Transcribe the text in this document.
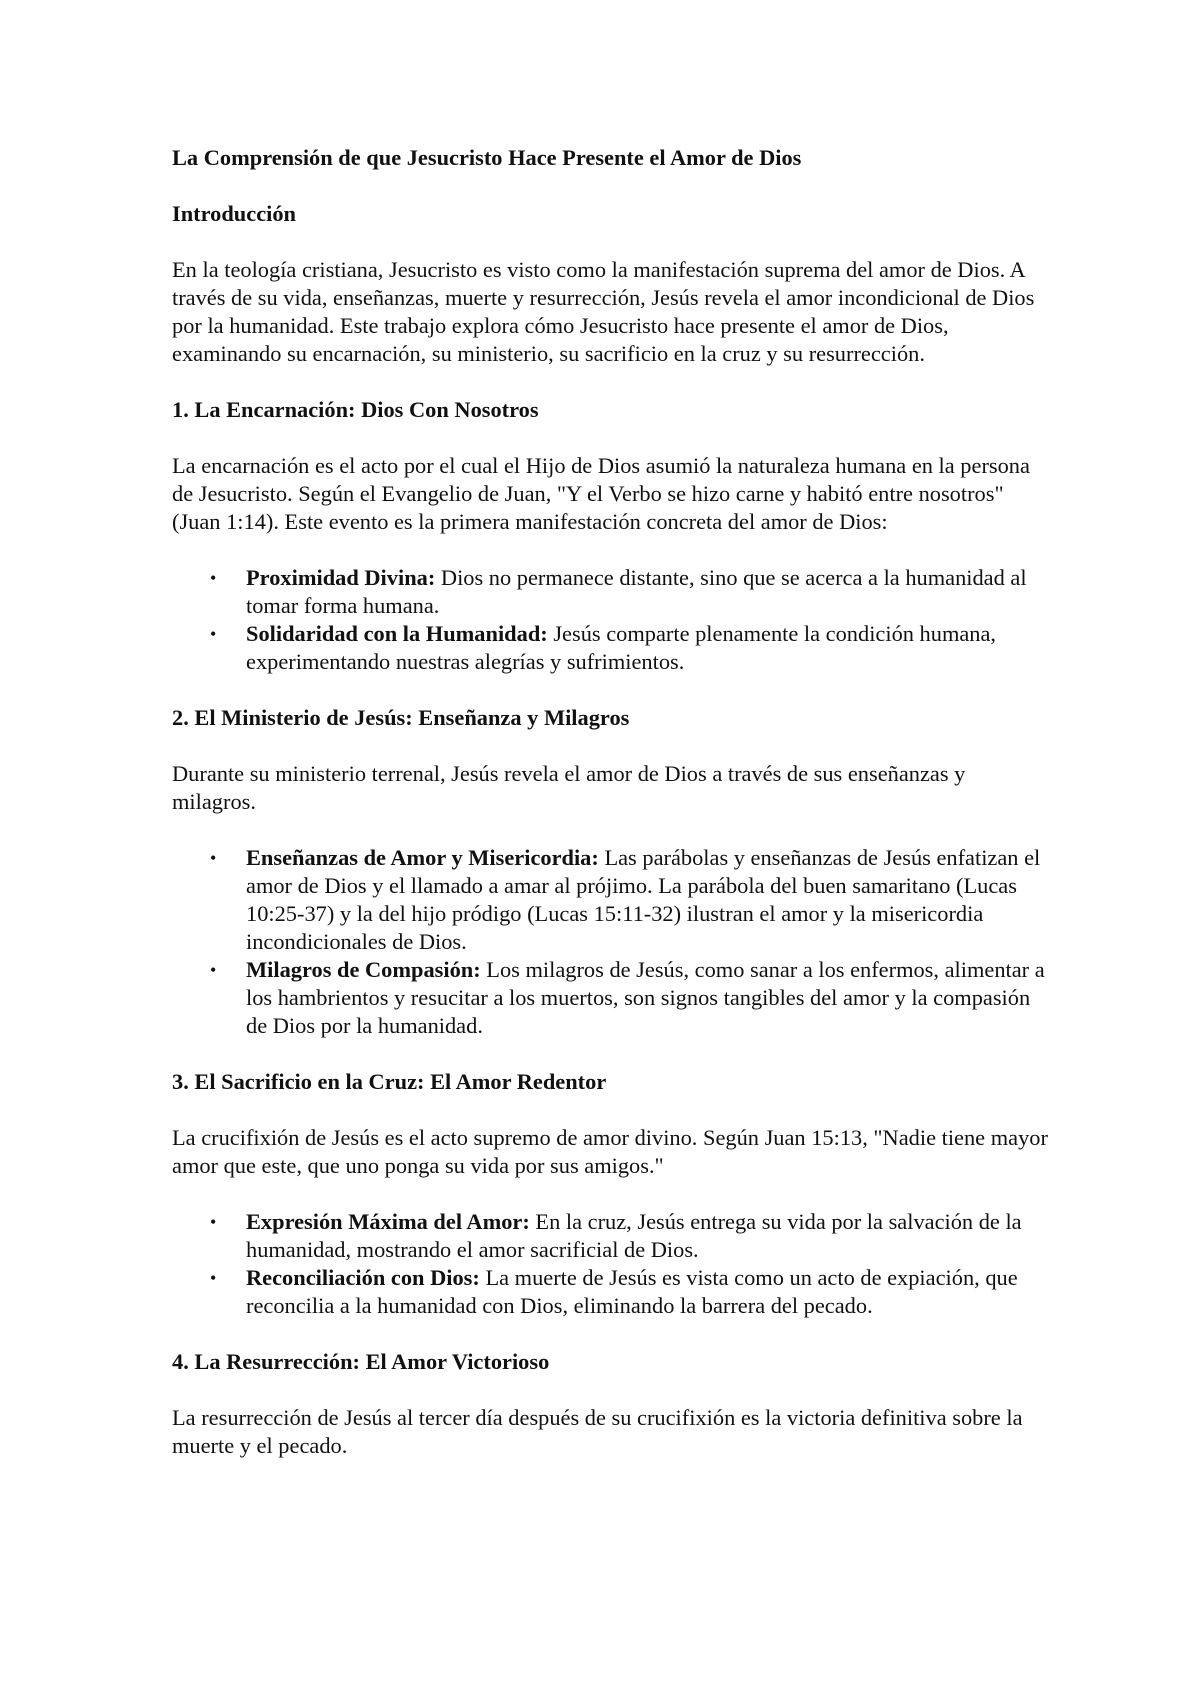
La Comprensión de que Jesucristo Hace Presente el Amor de Dios

Introducción

En la teología cristiana, Jesucristo es visto como la manifestación suprema del amor de Dios. A través de su vida, enseñanzas, muerte y resurrección, Jesús revela el amor incondicional de Dios por la humanidad. Este trabajo explora cómo Jesucristo hace presente el amor de Dios, examinando su encarnación, su ministerio, su sacrificio en la cruz y su resurrección.

1. La Encarnación: Dios Con Nosotros

La encarnación es el acto por el cual el Hijo de Dios asumió la naturaleza humana en la persona de Jesucristo. Según el Evangelio de Juan, "Y el Verbo se hizo carne y habitó entre nosotros" (Juan 1:14). Este evento es la primera manifestación concreta del amor de Dios:

• Proximidad Divina: Dios no permanece distante, sino que se acerca a la humanidad al tomar forma humana.
• Solidaridad con la Humanidad: Jesús comparte plenamente la condición humana, experimentando nuestras alegrías y sufrimientos.

2. El Ministerio de Jesús: Enseñanza y Milagros

Durante su ministerio terrenal, Jesús revela el amor de Dios a través de sus enseñanzas y milagros.

• Enseñanzas de Amor y Misericordia: Las parábolas y enseñanzas de Jesús enfatizan el amor de Dios y el llamado a amar al prójimo. La parábola del buen samaritano (Lucas 10:25-37) y la del hijo pródigo (Lucas 15:11-32) ilustran el amor y la misericordia incondicionales de Dios.
• Milagros de Compasión: Los milagros de Jesús, como sanar a los enfermos, alimentar a los hambrientos y resucitar a los muertos, son signos tangibles del amor y la compasión de Dios por la humanidad.

3. El Sacrificio en la Cruz: El Amor Redentor

La crucifixión de Jesús es el acto supremo de amor divino. Según Juan 15:13, "Nadie tiene mayor amor que este, que uno ponga su vida por sus amigos."

• Expresión Máxima del Amor: En la cruz, Jesús entrega su vida por la salvación de la humanidad, mostrando el amor sacrificial de Dios.
• Reconciliación con Dios: La muerte de Jesús es vista como un acto de expiación, que reconcilia a la humanidad con Dios, eliminando la barrera del pecado.

4. La Resurrección: El Amor Victorioso

La resurrección de Jesús al tercer día después de su crucifixión es la victoria definitiva sobre la muerte y el pecado.
